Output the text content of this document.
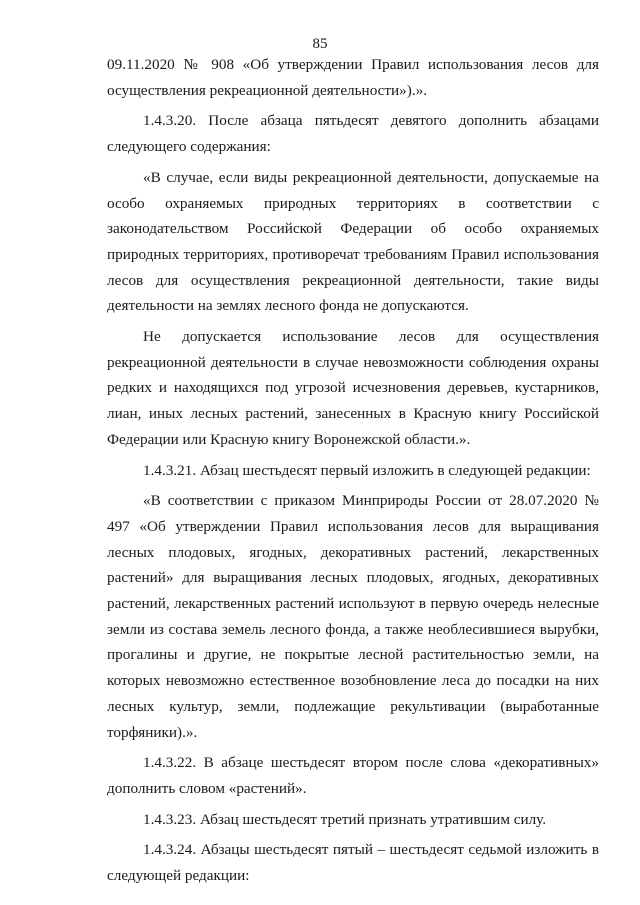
85

09.11.2020 № 908 «Об утверждении Правил использования лесов для осуществления рекреационной деятельности»).».

1.4.3.20. После абзаца пятьдесят девятого дополнить абзацами следующего содержания:

«В случае, если виды рекреационной деятельности, допускаемые на особо охраняемых природных территориях в соответствии с законодательством Российской Федерации об особо охраняемых природных территориях, противоречат требованиям Правил использования лесов для осуществления рекреационной деятельности, такие виды деятельности на землях лесного фонда не допускаются.

Не допускается использование лесов для осуществления рекреационной деятельности в случае невозможности соблюдения охраны редких и находящихся под угрозой исчезновения деревьев, кустарников, лиан, иных лесных растений, занесенных в Красную книгу Российской Федерации или Красную книгу Воронежской области.».

1.4.3.21. Абзац шестьдесят первый изложить в следующей редакции:

«В соответствии с приказом Минприроды России от 28.07.2020 № 497 «Об утверждении Правил использования лесов для выращивания лесных плодовых, ягодных, декоративных растений, лекарственных растений» для выращивания лесных плодовых, ягодных, декоративных растений, лекарственных растений используют в первую очередь нелесные земли из состава земель лесного фонда, а также необлесившиеся вырубки, прогалины и другие, не покрытые лесной растительностью земли, на которых невозможно естественное возобновление леса до посадки на них лесных культур, земли, подлежащие рекультивации (выработанные торфяники).».

1.4.3.22. В абзаце шестьдесят втором после слова «декоративных» дополнить словом «растений».

1.4.3.23. Абзац шестьдесят третий признать утратившим силу.

1.4.3.24. Абзацы шестьдесят пятый – шестьдесят седьмой изложить в следующей редакции:
